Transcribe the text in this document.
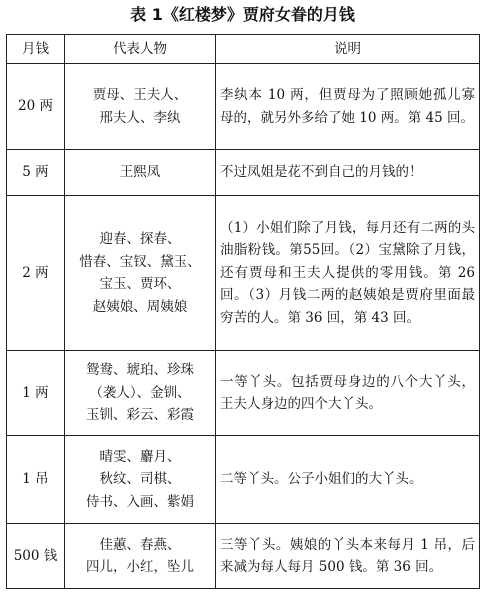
表 1《红楼梦》贾府女眷的月钱
月钱	代表人物	说明
20 两	贾母、王夫人、
邢夫人、李纨	李纨本 10 两，但贾母为了照顾她孤儿寡母的，就另外多给了她 10 两。第 45 回。
5 两	王熙凤	不过凤姐是花不到自己的月钱的！
2 两	迎春、探春、
惜春、宝钗、黛玉、
宝玉、贾环、
赵姨娘、周姨娘	（1）小姐们除了月钱，每月还有二两的头油脂粉钱。第55回。（2）宝黛除了月钱，还有贾母和王夫人提供的零用钱。第 26 回。（3）月钱二两的赵姨娘是贾府里面最穷苦的人。第 36 回，第 43 回。
1 两	鸳鸯、琥珀、珍珠
（袭人）、金钏、
玉钏、彩云、彩霞	一等丫头。包括贾母身边的八个大丫头，王夫人身边的四个大丫头。
1 吊	晴雯、麝月、
秋纹、司棋、
侍书、入画、紫娟	二等丫头。公子小姐们的大丫头。
500 钱	佳蕙、春燕、
四儿，小红，坠儿	三等丫头。姨娘的丫头本来每月 1 吊，后来减为每人每月 500 钱。第 36 回。
